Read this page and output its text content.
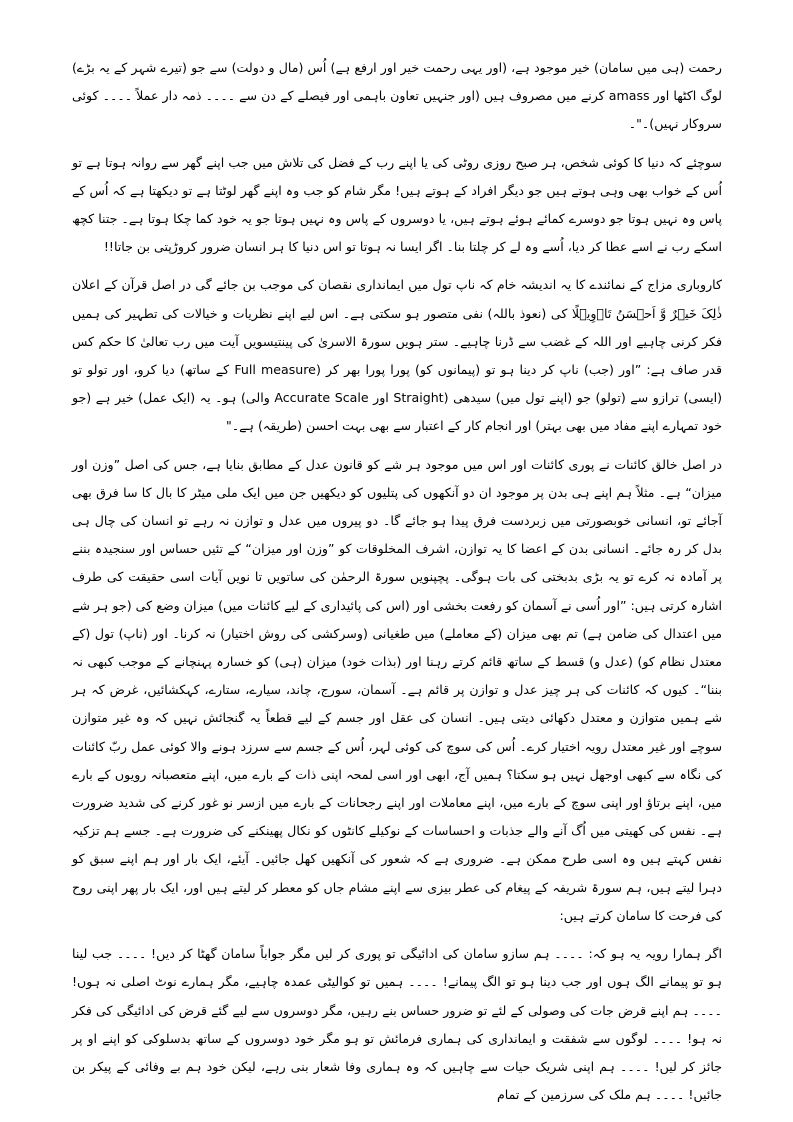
رحمت (ہی میں سامان) خیر موجود ہے، (اور یہی رحمت خیر اور ارفع ہے) اُس (مال و دولت) سے جو (تیرے شہر کے یہ بڑے) لوگ اکٹھا اور amass کرنے میں مصروف ہیں (اور جنہیں تعاون باہمی اور فیصلے کے دن سے ۔۔۔۔ ذمہ دار عملاً ۔۔۔۔ کوئی سروکار نہیں)۔"۔

سوچئے کہ دنیا کا کوئی شخص، ہر صبح روزی روٹی کی یا اپنے رب کے فضل کی تلاش میں جب اپنے گھر سے روانہ ہوتا ہے تو اُس کے خواب بھی وہی ہوتے ہیں جو دیگر افراد کے ہوتے ہیں! مگر شام کو جب وہ اپنے گھر لوٹتا ہے تو دیکھتا ہے کہ اُس کے پاس وہ نہیں ہوتا جو دوسرے کمائے ہوئے ہوتے ہیں، یا دوسروں کے پاس وہ نہیں ہوتا جو یہ خود کما چکا ہوتا ہے۔ جتنا کچھ اسکے رب نے اسے عطا کر دیا، اُسے وہ لے کر چلتا بنا۔ اگر ایسا نہ ہوتا تو اس دنیا کا ہر انسان ضرور کروڑپتی بن جاتا!!

کاروباری مزاج کے نمائندے کا یہ اندیشہ خام کہ ناپ تول میں ایمانداری نقصان کی موجب بن جائے گی در اصل قرآن کے اعلان ذٰلِکَ خَیۡرٌ وَّ اَحۡسَنُ تَاۡوِیۡلًا کی (نعوذ باللہ) نفی متصور ہو سکتی ہے۔ اس لیے اپنے نظریات و خیالات کی تطہیر کی ہمیں فکر کرنی چاہیے اور اللہ کے غضب سے ڈرنا چاہیے۔ ستر ہویں سورۃ الاسریٰ کی پینتیسویں آیت میں رب تعالیٰ کا حکم کس قدر صاف ہے: ”اور (جب) ناپ کر دینا ہو تو (پیمانوں کو) پورا پورا بھر کر (Full measure کے ساتھ) دیا کرو، اور تولو تو (ایسی) ترازو سے (تولو) جو (اپنے تول میں) سیدھی (Straight اور Accurate Scale والی) ہو۔ یہ (ایک عمل) خیر ہے (جو خود تمہارے اپنے مفاد میں بھی بہتر) اور انجام کار کے اعتبار سے بھی بہت احسن (طریقہ) ہے۔"

در اصل خالق کائنات نے پوری کائنات اور اس میں موجود ہر شے کو قانون عدل کے مطابق بنایا ہے، جس کی اصل ”وزن اور میزان“ ہے۔ مثلاً ہم اپنے ہی بدن پر موجود ان دو آنکھوں کی پتلیوں کو دیکھیں جن میں ایک ملی میٹر کا بال کا سا فرق بھی آجائے تو، انسانی خوبصورتی میں زبردست فرق پیدا ہو جائے گا۔ دو پیروں میں عدل و توازن نہ رہے تو انسان کی چال ہی بدل کر رہ جائے۔ انسانی بدن کے اعضا کا یہ توازن، اشرف المخلوقات کو ”وزن اور میزان“ کے تئیں حساس اور سنجیدہ بننے پر آمادہ نہ کرے تو یہ بڑی بدبختی کی بات ہوگی۔ پچپنویں سورۃ الرحمٰن کی ساتویں تا نویں آیات اسی حقیقت کی طرف اشارہ کرتی ہیں: ”اور اُسی نے آسمان کو رفعت بخشی اور (اس کی پائیداری کے لیے کائنات میں) میزان وضع کی (جو ہر شے میں اعتدال کی ضامن ہے) تم بھی میزان (کے معاملے) میں طغیانی (وسرکشی کی روش اختیار) نہ کرنا۔ اور (ناپ) تول (کے معتدل نظام کو) (عدل و) قسط کے ساتھ قائم کرتے رہنا اور (بذات خود) میزان (ہی) کو خسارہ پہنچانے کے موجب کبھی نہ بننا“۔ کیوں کہ کائنات کی ہر چیز عدل و توازن پر قائم ہے۔ آسمان، سورج، چاند، سیارے، ستارے، کہکشائیں، غرض کہ ہر شے ہمیں متوازن و معتدل دکھائی دیتی ہیں۔ انسان کی عقل اور جسم کے لیے قطعاً یہ گنجائش نہیں کہ وہ غیر متوازن سوچے اور غیر معتدل رویہ اختیار کرے۔ اُس کی سوچ کی کوئی لہر، اُس کے جسم سے سرزد ہونے والا کوئی عمل ربّ کائنات کی نگاہ سے کبھی اوجھل نہیں ہو سکتا؟ ہمیں آج، ابھی اور اسی لمحہ اپنی ذات کے بارے میں، اپنے متعصبانہ رویوں کے بارے میں، اپنے برتاؤ اور اپنی سوچ کے بارے میں، اپنے معاملات اور اپنے رجحانات کے بارے میں ازسر نو غور کرنے کی شدید ضرورت ہے۔ نفس کی کھیتی میں اُگ آنے والے جذبات و احساسات کے نوکیلے کانٹوں کو نکال پھینکنے کی ضرورت ہے۔ جسے ہم تزکیہ نفس کہتے ہیں وہ اسی طرح ممکن ہے۔ ضروری ہے کہ شعور کی آنکھیں کھل جائیں۔ آیئے، ایک بار اور ہم اپنے سبق کو دہرا لیتے ہیں، ہم سورۃ شریفہ کے پیغام کی عطر بیزی سے اپنے مشام جاں کو معطر کر لیتے ہیں اور، ایک بار پھر اپنی روح کی فرحت کا سامان کرتے ہیں:

اگر ہمارا رویہ یہ ہو کہ: ۔۔۔۔ ہم سازو سامان کی ادائیگی تو پوری کر لیں مگر جواباً سامان گھٹا کر دیں! ۔۔۔۔ جب لینا ہو تو پیمانے الگ ہوں اور جب دینا ہو تو الگ پیمانے! ۔۔۔۔ ہمیں تو کوالیٹی عمدہ چاہیے، مگر ہمارے نوٹ اصلی نہ ہوں! ۔۔۔۔ ہم اپنے قرض جات کی وصولی کے لئے تو ضرور حساس بنے رہیں، مگر دوسروں سے لیے گئے قرض کی ادائیگی کی فکر نہ ہو! ۔۔۔۔ لوگوں سے شفقت و ایمانداری کی ہماری فرمائش تو ہو مگر خود دوسروں کے ساتھ بدسلوکی کو اپنے او پر جائز کر لیں! ۔۔۔۔ ہم اپنی شریک حیات سے چاہیں کہ وہ ہماری وفا شعار بنی رہے، لیکن خود ہم بے وفائی کے پیکر بن جائیں! ۔۔۔۔ ہم ملک کی سرزمین کے تمام
